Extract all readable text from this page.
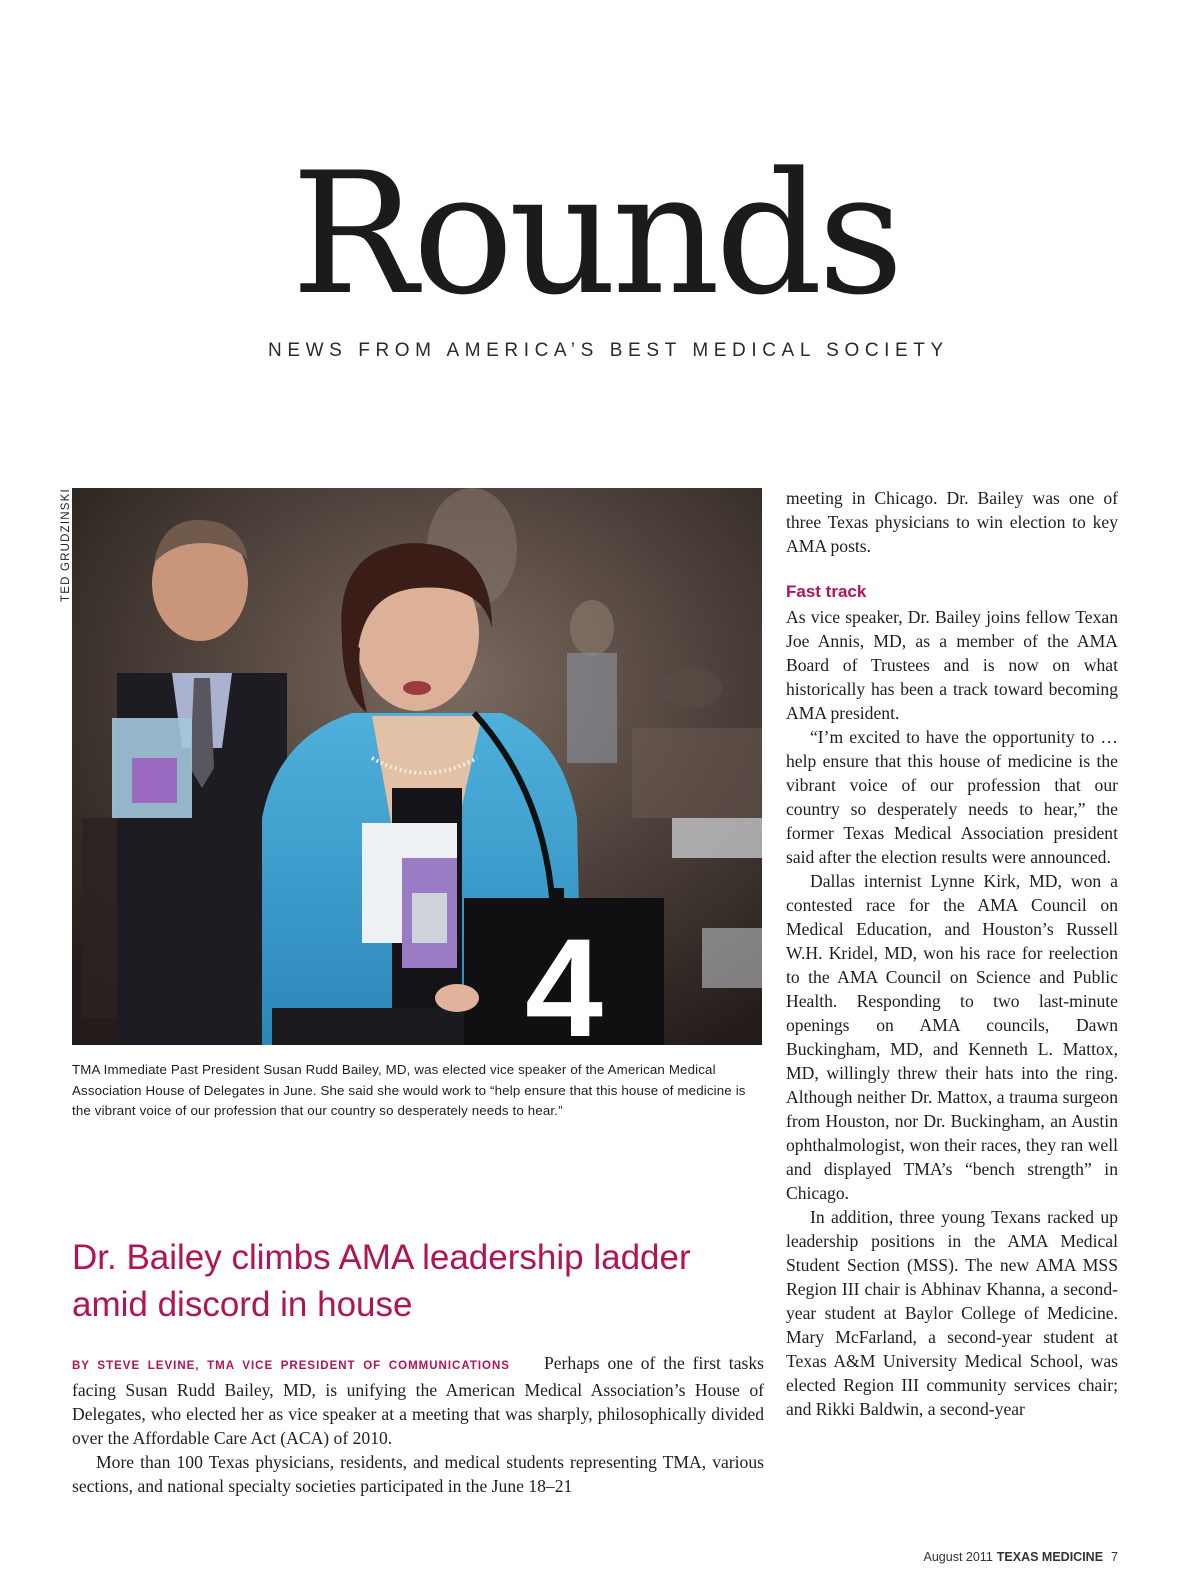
Rounds
NEWS FROM AMERICA’S BEST MEDICAL SOCIETY
TED GRUDZINSKI
4
TMA Immediate Past President Susan Rudd Bailey, MD, was elected vice speaker of the American Medical Association House of Delegates in June. She said she would work to “help ensure that this house of medicine is the vibrant voice of our profession that our country so desperately needs to hear.”
Dr. Bailey climbs AMA leadership ladder amid discord in house

BY STEVE LEVINE, TMA VICE PRESIDENT OF COMMUNICATIONS Perhaps one of the first tasks facing Susan Rudd Bailey, MD, is unifying the American Medical Association’s House of Delegates, who elected her as vice speaker at a meeting that was sharply, philosophically divided over the Affordable Care Act (ACA) of 2010.

More than 100 Texas physicians, residents, and medical students representing TMA, various sections, and national specialty societies participated in the June 18–21

meeting in Chicago. Dr. Bailey was one of three Texas physicians to win election to key AMA posts.

Fast track

As vice speaker, Dr. Bailey joins fellow Texan Joe Annis, MD, as a member of the AMA Board of Trustees and is now on what historically has been a track toward becoming AMA president.

“I’m excited to have the opportunity to … help ensure that this house of medicine is the vibrant voice of our profession that our country so desperately needs to hear,” the former Texas Medical Association president said after the election results were announced.

Dallas internist Lynne Kirk, MD, won a contested race for the AMA Council on Medical Education, and Houston’s Russell W.H. Kridel, MD, won his race for reelection to the AMA Council on Science and Public Health. Responding to two last-minute openings on AMA councils, Dawn Buckingham, MD, and Kenneth L. Mattox, MD, willingly threw their hats into the ring. Although neither Dr. Mattox, a trauma surgeon from Houston, nor Dr. Buckingham, an Austin ophthalmologist, won their races, they ran well and displayed TMA’s “bench strength” in Chicago.

In addition, three young Texans racked up leadership positions in the AMA Medical Student Section (MSS). The new AMA MSS Region III chair is Abhinav Khanna, a second-year student at Baylor College of Medicine. Mary McFarland, a second-year student at Texas A&M University Medical School, was elected Region III community services chair; and Rikki Baldwin, a second-year

August 2011 TEXAS MEDICINE 7
